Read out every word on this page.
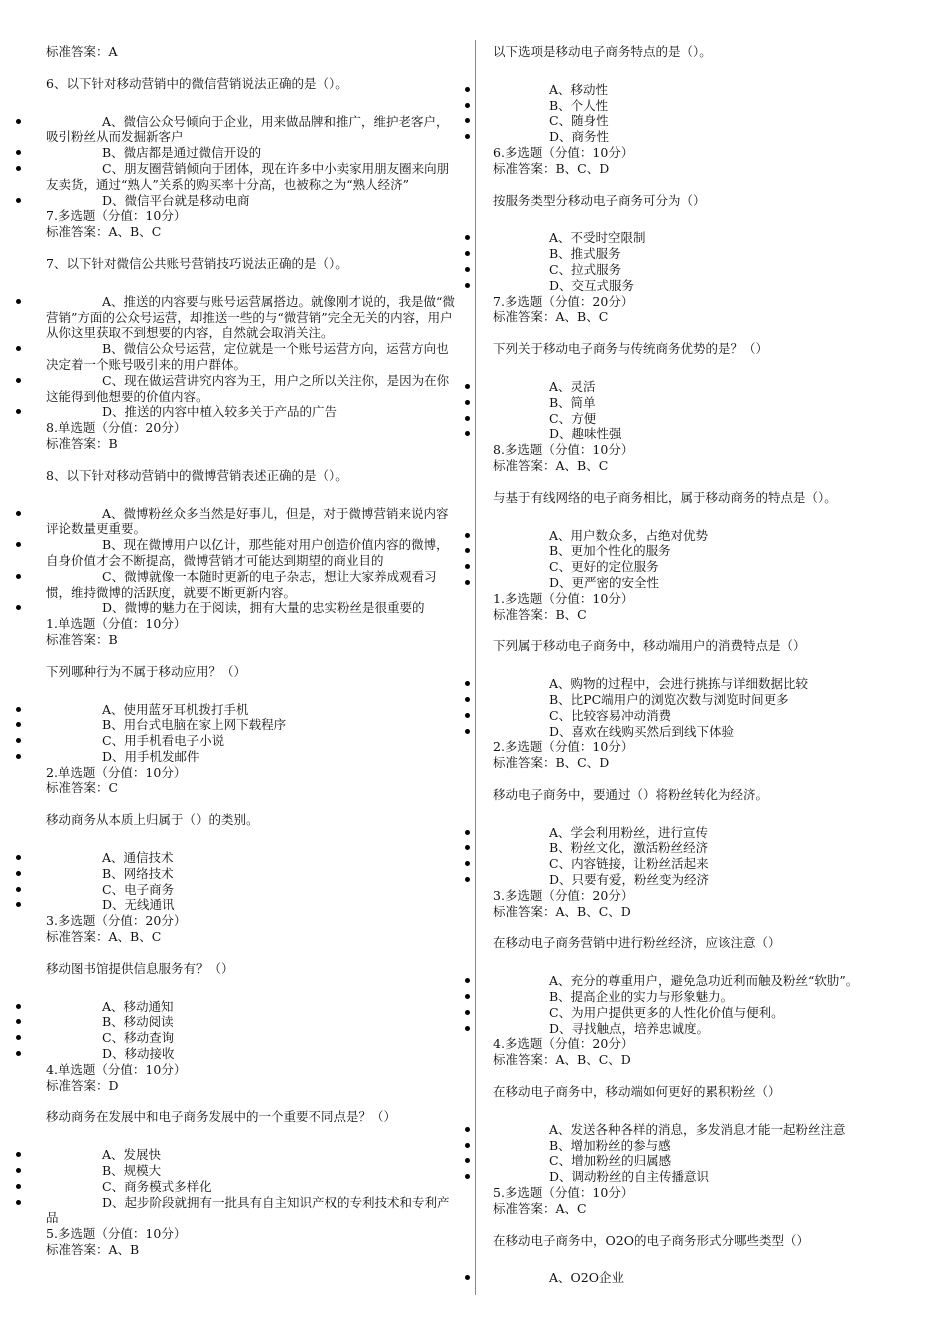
标准答案：A
6、以下针对移动营销中的微信营销说法正确的是（）。
A、微信公众号倾向于企业，用来做品牌和推广，维护老客户，吸引粉丝从而发掘新客户
B、微店都是通过微信开设的
C、朋友圈营销倾向于团体，现在许多中小卖家用朋友圈来向朋友卖货，通过“熟人”关系的购买率十分高，也被称之为“熟人经济”
D、微信平台就是移动电商
7.多选题（分值：10分）
标准答案：A、B、C
7、以下针对微信公共账号营销技巧说法正确的是（）。
A、推送的内容要与账号运营属搭边。就像刚才说的，我是做“微营销”方面的公众号运营，却推送一些的与“微营销”完全无关的内容，用户从你这里获取不到想要的内容，自然就会取消关注。
B、微信公众号运营，定位就是一个账号运营方向，运营方向也决定着一个账号吸引来的用户群体。
C、现在做运营讲究内容为王，用户之所以关注你，是因为在你这能得到他想要的价值内容。
D、推送的内容中植入较多关于产品的广告
8.单选题（分值：20分）
标准答案：B
8、以下针对移动营销中的微博营销表述正确的是（）。
A、微博粉丝众多当然是好事儿，但是，对于微博营销来说内容评论数量更重要。
B、现在微博用户以亿计，那些能对用户创造价值内容的微博，自身价值才会不断提高，微博营销才可能达到期望的商业目的
C、微博就像一本随时更新的电子杂志，想让大家养成观看习惯，维持微博的活跃度，就要不断更新内容。
D、微博的魅力在于阅读，拥有大量的忠实粉丝是很重要的
1.单选题（分值：10分）
标准答案：B
下列哪种行为不属于移动应用？（）
A、使用蓝牙耳机拨打手机
B、用台式电脑在家上网下载程序
C、用手机看电子小说
D、用手机发邮件
2.单选题（分值：10分）
标准答案：C
移动商务从本质上归属于（）的类别。
A、通信技术
B、网络技术
C、电子商务
D、无线通讯
3.多选题（分值：20分）
标准答案：A、B、C
移动图书馆提供信息服务有？（）
A、移动通知
B、移动阅读
C、移动查询
D、移动接收
4.单选题（分值：10分）
标准答案：D
移动商务在发展中和电子商务发展中的一个重要不同点是？（）
A、发展快
B、规模大
C、商务模式多样化
D、起步阶段就拥有一批具有自主知识产权的专利技术和专利产品
5.多选题（分值：10分）
标准答案：A、B
以下选项是移动电子商务特点的是（）。
A、移动性
B、个人性
C、随身性
D、商务性
6.多选题（分值：10分）
标准答案：B、C、D
按服务类型分移动电子商务可分为（）
A、不受时空限制
B、推式服务
C、拉式服务
D、交互式服务
7.多选题（分值：20分）
标准答案：A、B、C
下列关于移动电子商务与传统商务优势的是？（）
A、灵活
B、简单
C、方便
D、趣味性强
8.多选题（分值：10分）
标准答案：A、B、C
与基于有线网络的电子商务相比，属于移动商务的特点是（）。
A、用户数众多，占绝对优势
B、更加个性化的服务
C、更好的定位服务
D、更严密的安全性
1.多选题（分值：10分）
标准答案：B、C
下列属于移动电子商务中，移动端用户的消费特点是（）
A、购物的过程中，会进行挑拣与详细数据比较
B、比PC端用户的浏览次数与浏览时间更多
C、比较容易冲动消费
D、喜欢在线购买然后到线下体验
2.多选题（分值：10分）
标准答案：B、C、D
移动电子商务中，要通过（）将粉丝转化为经济。
A、学会利用粉丝，进行宣传
B、粉丝文化，激活粉丝经济
C、内容链接，让粉丝活起来
D、只要有爱，粉丝变为经济
3.多选题（分值：20分）
标准答案：A、B、C、D
在移动电子商务营销中进行粉丝经济，应该注意（）
A、充分的尊重用户，避免急功近利而触及粉丝“软肋”。
B、提高企业的实力与形象魅力。
C、为用户提供更多的人性化价值与便利。
D、寻找触点，培养忠诚度。
4.多选题（分值：20分）
标准答案：A、B、C、D
在移动电子商务中，移动端如何更好的累积粉丝（）
A、发送各种各样的消息，多发消息才能一起粉丝注意
B、增加粉丝的参与感
C、增加粉丝的归属感
D、调动粉丝的自主传播意识
5.多选题（分值：10分）
标准答案：A、C
在移动电子商务中，O2O的电子商务形式分哪些类型（）
A、O2O企业
